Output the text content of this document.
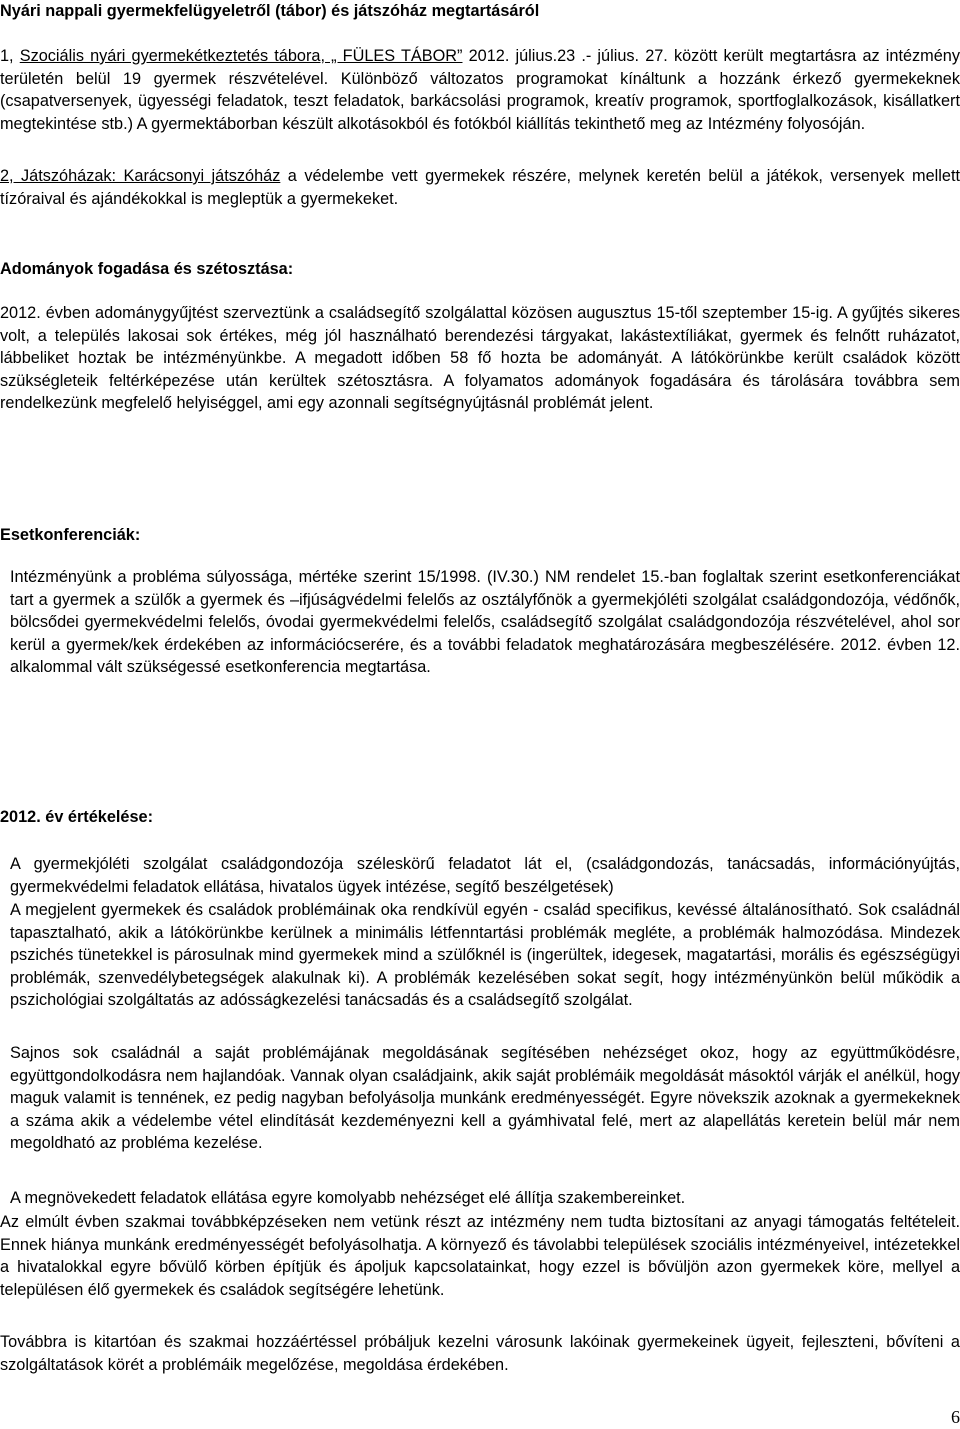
Nyári nappali gyermekfelügyeletről (tábor) és játszóház megtartásáról
1, Szociális nyári gyermekétkeztetés tábora, „ FÜLES TÁBOR” 2012. július.23 .- július. 27. között került megtartásra az intézmény területén belül 19 gyermek részvételével. Különböző változatos programokat kínáltunk a hozzánk érkező gyermekeknek (csapatversenyek, ügyességi feladatok, teszt feladatok, barkácsolási programok, kreatív programok, sportfoglalkozások, kisállatkert megtekintése stb.) A gyermektáborban készült alkotásokból és fotókból kiállítás tekinthető meg az Intézmény folyosóján.
2, Játszóházak: Karácsonyi játszóház a védelembe vett gyermekek részére, melynek keretén belül a játékok, versenyek mellett tízóraival és ajándékokkal is megleptük a gyermekeket.
Adományok fogadása és szétosztása:
2012. évben adománygyűjtést szerveztünk a családsegítő szolgálattal közösen augusztus 15-től szeptember 15-ig. A gyűjtés sikeres volt, a település lakosai sok értékes, még jól használható berendezési tárgyakat, lakástextíliákat, gyermek és felnőtt ruházatot, lábbeliket hoztak be intézményünkbe. A megadott időben 58 fő hozta be adományát. A látókörünkbe került családok között szükségleteik feltérképezése után kerültek szétosztásra. A folyamatos adományok fogadására és tárolására továbbra sem rendelkezünk megfelelő helyiséggel, ami egy azonnali segítségnyújtásnál problémát jelent.
Esetkonferenciák:
Intézményünk a probléma súlyossága, mértéke szerint 15/1998. (IV.30.) NM rendelet 15.-ban foglaltak szerint esetkonferenciákat tart a gyermek a szülők a gyermek és –ifjúságvédelmi felelős az osztályfőnök a gyermekjóléti szolgálat családgondozója, védőnők, bölcsődei gyermekvédelmi felelős, óvodai gyermekvédelmi felelős, családsegítő szolgálat családgondozója részvételével, ahol sor kerül a gyermek/kek érdekében az információcserére, és a további feladatok meghatározására megbeszélésére. 2012. évben 12. alkalommal vált szükségessé esetkonferencia megtartása.
2012. év értékelése:
A gyermekjóléti szolgálat családgondozója széleskörű feladatot lát el, (családgondozás, tanácsadás, információnyújtás, gyermekvédelmi feladatok ellátása, hivatalos ügyek intézése, segítő beszélgetések)
A megjelent gyermekek és családok problémáinak oka rendkívül egyén - család specifikus, kevéssé általánosítható. Sok családnál tapasztalható, akik a látókörünkbe kerülnek a minimális létfenntartási problémák megléte, a problémák halmozódása. Mindezek pszichés tünetekkel is párosulnak mind gyermekek mind a szülőknél is (ingerültek, idegesek, magatartási, morális és egészségügyi problémák, szenvedélybetegségek alakulnak ki). A problémák kezelésében sokat segít, hogy intézményünkön belül működik a pszichológiai szolgáltatás az adósságkezelési tanácsadás és a családsegítő szolgálat.
Sajnos sok családnál a saját problémájának megoldásának segítésében nehézséget okoz, hogy az együttműködésre, együttgondolkodásra nem hajlandóak. Vannak olyan családjaink, akik saját problémáik megoldását másoktól várják el anélkül, hogy maguk valamit is tennének, ez pedig nagyban befolyásolja munkánk eredményességét. Egyre növekszik azoknak a gyermekeknek a száma akik a védelembe vétel elindítását kezdeményezni kell a gyámhivatal felé, mert az alapellátás keretein belül már nem megoldható az probléma kezelése.
A megnövekedett feladatok ellátása egyre komolyabb nehézséget elé állítja szakembereinket.
Az elmúlt évben szakmai továbbképzéseken nem vetünk részt az intézmény nem tudta biztosítani az anyagi támogatás feltételeit. Ennek hiánya munkánk eredményességét befolyásolhatja. A környező és távolabbi települések szociális intézményeivel, intézetekkel a hivatalokkal egyre bővülő körben építjük és ápoljuk kapcsolatainkat, hogy ezzel is bővüljön azon gyermekek köre, mellyel a településen élő gyermekek és családok segítségére lehetünk.
Továbbra is kitartóan és szakmai hozzáértéssel próbáljuk kezelni városunk lakóinak gyermekeinek ügyeit, fejleszteni, bővíteni a szolgáltatások körét a problémáik megelőzése, megoldása érdekében.
6
